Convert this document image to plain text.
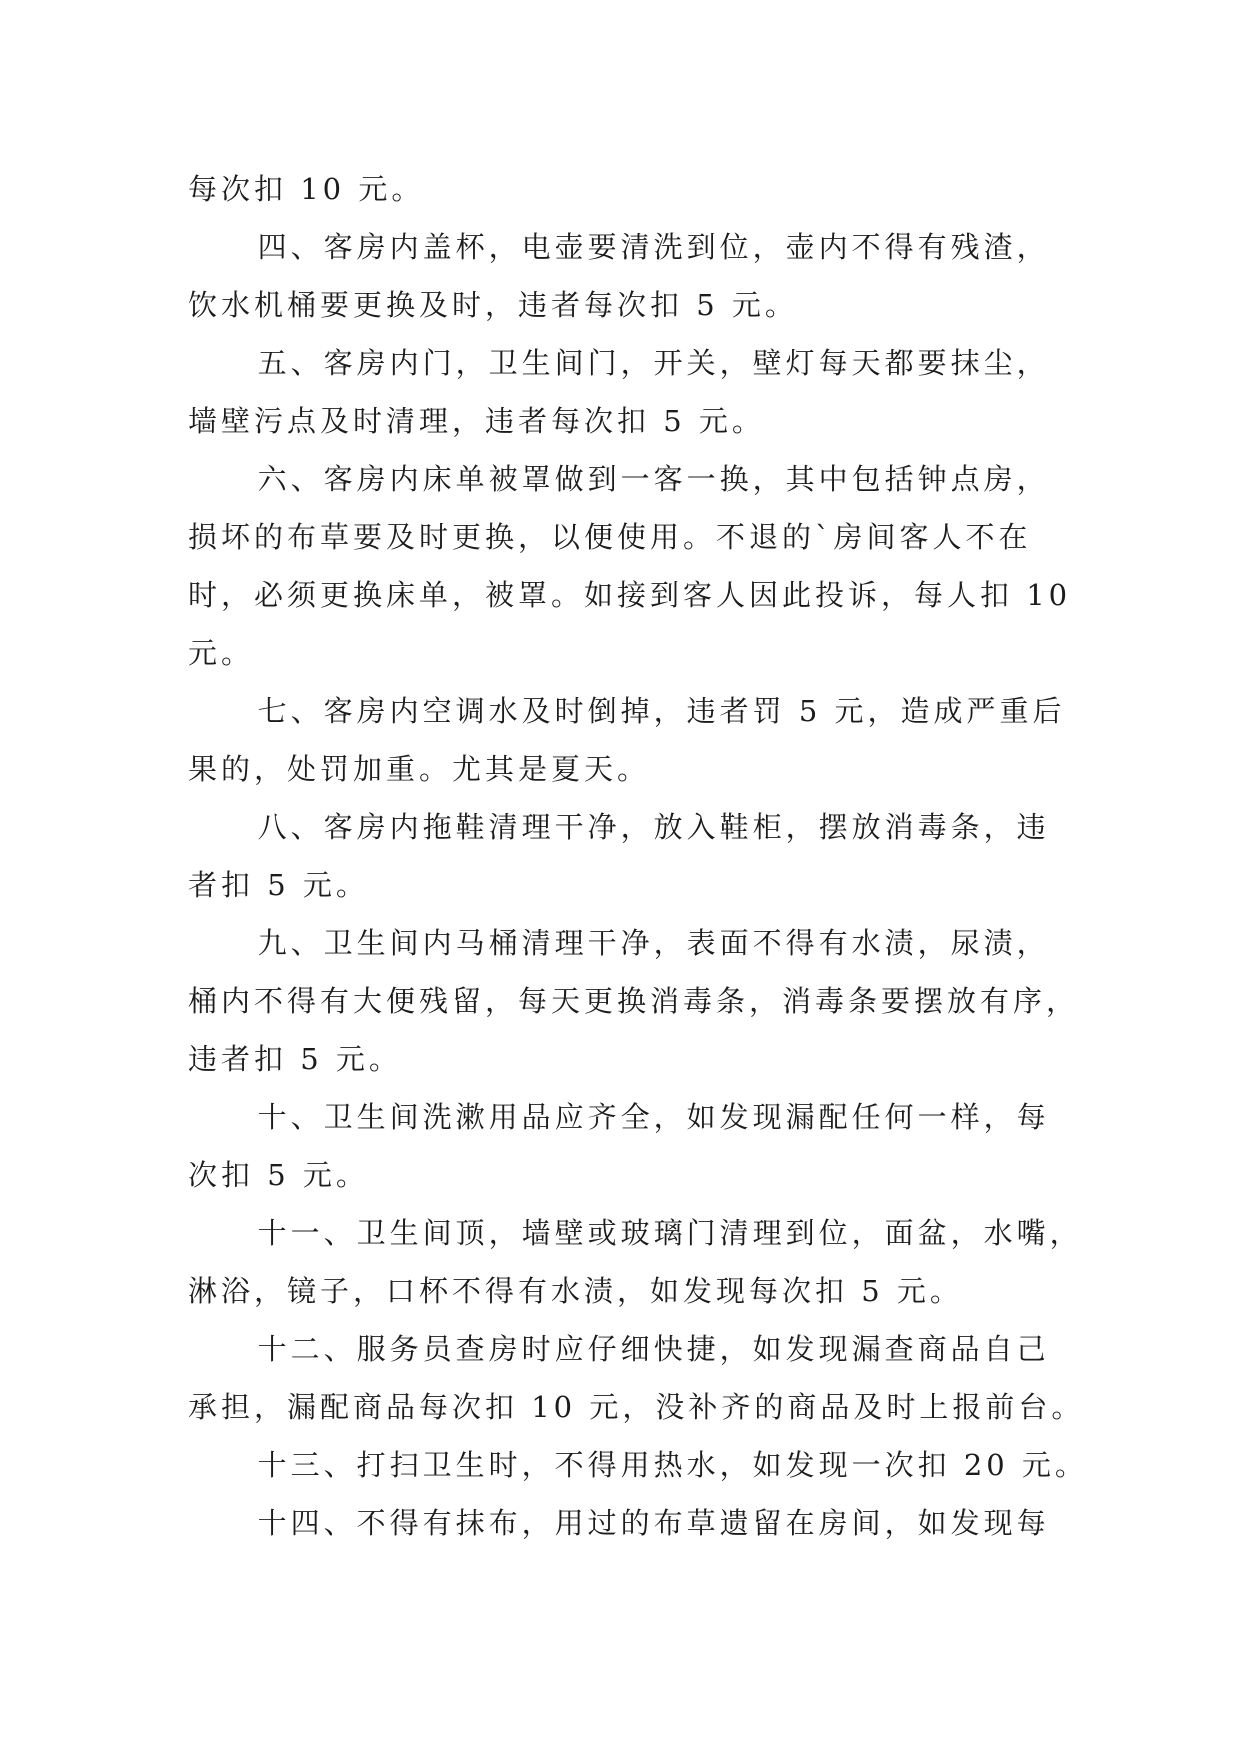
每次扣 10 元。

四、客房内盖杯，电壶要清洗到位，壶内不得有残渣，
饮水机桶要更换及时，违者每次扣 5 元。

五、客房内门，卫生间门，开关，壁灯每天都要抹尘，
墙壁污点及时清理，违者每次扣 5 元。

六、客房内床单被罩做到一客一换，其中包括钟点房，
损坏的布草要及时更换，以便使用。不退的`房间客人不在
时，必须更换床单，被罩。如接到客人因此投诉，每人扣 10
元。

七、客房内空调水及时倒掉，违者罚 5 元，造成严重后
果的，处罚加重。尤其是夏天。

八、客房内拖鞋清理干净，放入鞋柜，摆放消毒条，违
者扣 5 元。

九、卫生间内马桶清理干净，表面不得有水渍，尿渍，
桶内不得有大便残留，每天更换消毒条，消毒条要摆放有序，
违者扣 5 元。

十、卫生间洗漱用品应齐全，如发现漏配任何一样，每
次扣 5 元。

十一、卫生间顶，墙壁或玻璃门清理到位，面盆，水嘴，
淋浴，镜子，口杯不得有水渍，如发现每次扣 5 元。

十二、服务员查房时应仔细快捷，如发现漏查商品自己
承担，漏配商品每次扣 10 元，没补齐的商品及时上报前台。

十三、打扫卫生时，不得用热水，如发现一次扣 20 元。

十四、不得有抹布，用过的布草遗留在房间，如发现每
